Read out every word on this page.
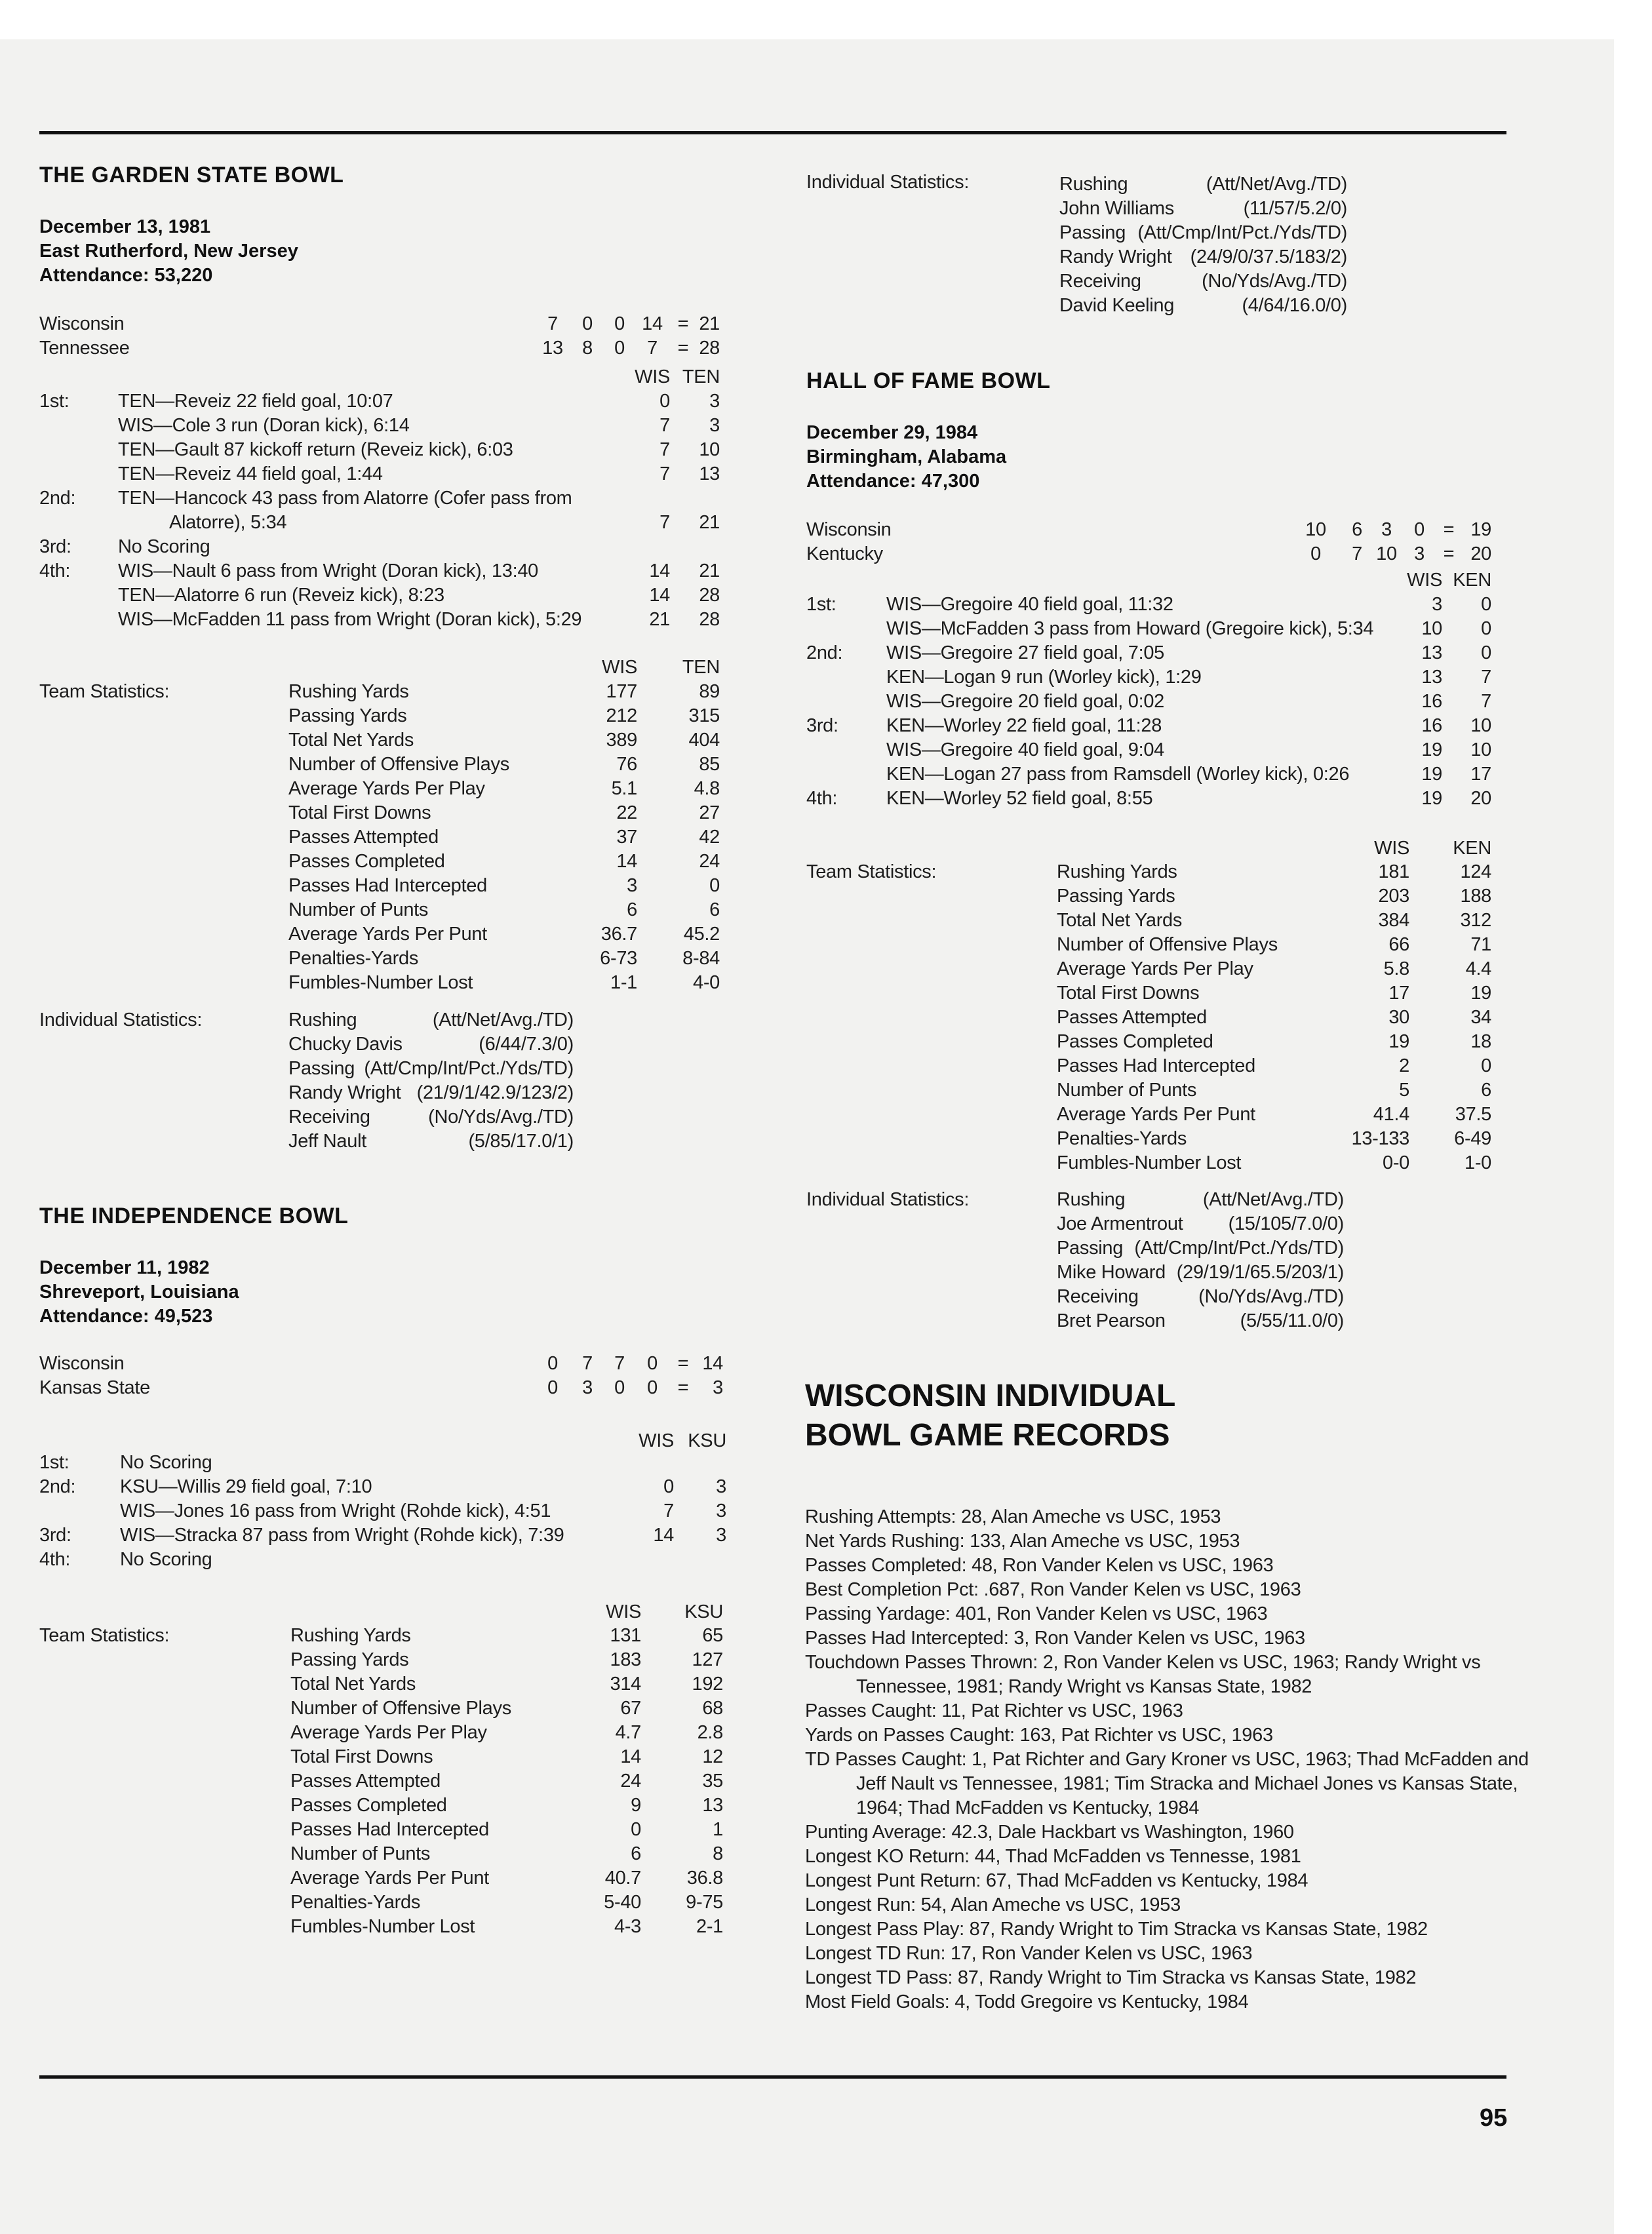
THE GARDEN STATE BOWL
December 13, 1981
East Rutherford, New Jersey
Wisconsin	7	0	0 14 = 21
Tennessee	13	8	0	7	= 28
WIS TEN
1st:	TEN—Reveiz 22 field goal, 10:07	0	3
WIS—Cole 3 run (Doran kick), 6:14	7	3
TEN—Gault 87 kickoff return (Reveiz kick), 6:03	7	10
TEN—Reveiz 44 field goal, 1:44	7	13
2nd: TEN—Hancock 43 pass from Alatorre (Cofer pass from
Alatorre), 5:34	7	21
3rd: No Scoring
4th:	WIS—Nault 6 pass from Wright (Doran kick), 13:40	14	21
TEN—Alatorre 6 run (Reveiz kick), 8:23	14	28
WIS—McFadden 11 pass from Wright (Doran kick), 5:29	21	28
WIS	TEN
Team Statistics:	Rushing Yards	177	89
Passing Yards	212	315
Total Net Yards	389	404
Number of Offensive Plays	76	85
Average Yards Per Play	5.1	4.8
Total First Downs	22	27
Passes Attempted	37	42
Passes Completed	14	24
Passes Had Intercepted	3	0
Number of Punts	6	6
Average Yards Per Punt	36.7	45.2
Penalties-Yards	6-73	8-84
Fumbles-Number Lost	1-1	4-0
Individual Statistics:	Rushing	(Att/Net/Avg./TD)
Chucky Davis	(6/44/7.3/0)
Passing (Att/Cmp/Int/Pct./Yds/TD)
Randy Wright (21/9/1/42.9/123/2)
Receiving	(No/Yds/Avg./TD)
Jeff Nault	(5/85/17.0/1)
Attendance: 53,220
THE INDEPENDENCE BOWL
December 11, 1982
Shreveport, Louisiana
Attendance: 49,523
Wisconsin	0	7	7	0	= 14
Kansas State	0	3	0	0	=	3
WIS KSU
1st:	No Scoring
2nd: KSU—Willis 29 field goal, 7:10	0	3
WIS—Jones 16 pass from Wright (Rohde kick), 4:51	7	3
3rd:	WIS—Stracka 87 pass from Wright (Rohde kick), 7:39	14	3
4th:	No Scoring
WIS	KSU
Team Statistics:	Rushing Yards	131	65
Passing Yards	183	127
Total Net Yards	314	192
Number of Offensive Plays	67	68
Average Yards Per Play	4.7	2.8
Total First Downs	14	12
Passes Attempted	24	35
Passes Completed	9	13
Passes Had Intercepted	0	1
Number of Punts	6	8
Average Yards Per Punt	40.7	36.8
Penalties-Yards	5-40	9-75
Fumbles-Number Lost	4-3	2-1
Individual Statistics:	Rushing	(Att/Net/Avg./TD)
John Williams	(11/57/5.2/0)
Passing (Att/Cmp/Int/Pct./Yds/TD)
Randy Wright (24/9/0/37.5/183/2)
Receiving	(No/Yds/Avg./TD)
David Keeling	(4/64/16.0/0)
HALL OF FAME BOWL
December 29, 1984
Birmingham, Alabama
Attendance: 47,300
Wisconsin	10	6	3	0 = 19
Kentucky	0	7 10 3 = 20
WIS KEN
1st:	WIS—Gregoire 40 field goal, 11:32	3	0
WIS—McFadden 3 pass from Howard (Gregoire kick), 5:34	10	0
2nd: WIS—Gregoire 27 field goal, 7:05	13	0
KEN—Logan 9 run (Worley kick), 1:29	13	7
WIS—Gregoire 20 field goal, 0:02	16	7
3rd:	KEN—Worley 22 field goal, 11:28	16	10
WIS—Gregoire 40 field goal, 9:04	19	10
KEN—Logan 27 pass from Ramsdell (Worley kick), 0:26	19	17
4th:	KEN—Worley 52 field goal, 8:55	19	20
WIS	KEN
Team Statistics:	Rushing Yards	181	124
Passing Yards	203	188
Total Net Yards	384	312
Number of Offensive Plays	66	71
Average Yards Per Play	5.8	4.4
Total First Downs	17	19
Passes Attempted	30	34
Passes Completed	19	18
Passes Had Intercepted	2	0
Number of Punts	5	6
Average Yards Per Punt	41.4	37.5
Penalties-Yards	13-133	6-49
Fumbles-Number Lost	0-0	1-0
Individual Statistics:	Rushing	(Att/Net/Avg./TD)
Joe Armentrout	(15/105/7.0/0)
Passing (Att/Cmp/Int/Pct./Yds/TD)
Mike Howard (29/19/1/65.5/203/1)
Receiving	(No/Yds/Avg./TD)
Bret Pearson	(5/55/11.0/0)
WISCONSIN INDIVIDUAL
BOWL GAME RECORDS
Rushing Attempts: 28, Alan Ameche vs USC, 1953
Net Yards Rushing: 133, Alan Ameche vs USC, 1953
Passes Completed: 48, Ron Vander Kelen vs USC, 1963
Best Completion Pct: .687, Ron Vander Kelen vs USC, 1963
Passing Yardage: 401, Ron Vander Kelen vs USC, 1963
Passes Had Intercepted: 3, Ron Vander Kelen vs USC, 1963
Touchdown Passes Thrown: 2, Ron Vander Kelen vs USC, 1963; Randy Wright vs
Tennessee, 1981; Randy Wright vs Kansas State, 1982
Passes Caught: 11, Pat Richter vs USC, 1963
Yards on Passes Caught: 163, Pat Richter vs USC, 1963
TD Passes Caught: 1, Pat Richter and Gary Kroner vs USC, 1963; Thad McFadden and
Jeff Nault vs Tennessee, 1981; Tim Stracka and Michael Jones vs Kansas State,
1964; Thad McFadden vs Kentucky, 1984
Punting Average: 42.3, Dale Hackbart vs Washington, 1960
Longest KO Return: 44, Thad McFadden vs Tennesse, 1981
Longest Punt Return: 67, Thad McFadden vs Kentucky, 1984
Longest Run: 54, Alan Ameche vs USC, 1953
Longest Pass Play: 87, Randy Wright to Tim Stracka vs Kansas State, 1982
Longest TD Run: 17, Ron Vander Kelen vs USC, 1963
Longest TD Pass: 87, Randy Wright to Tim Stracka vs Kansas State, 1982
Most Field Goals: 4, Todd Gregoire vs Kentucky, 1984
95
